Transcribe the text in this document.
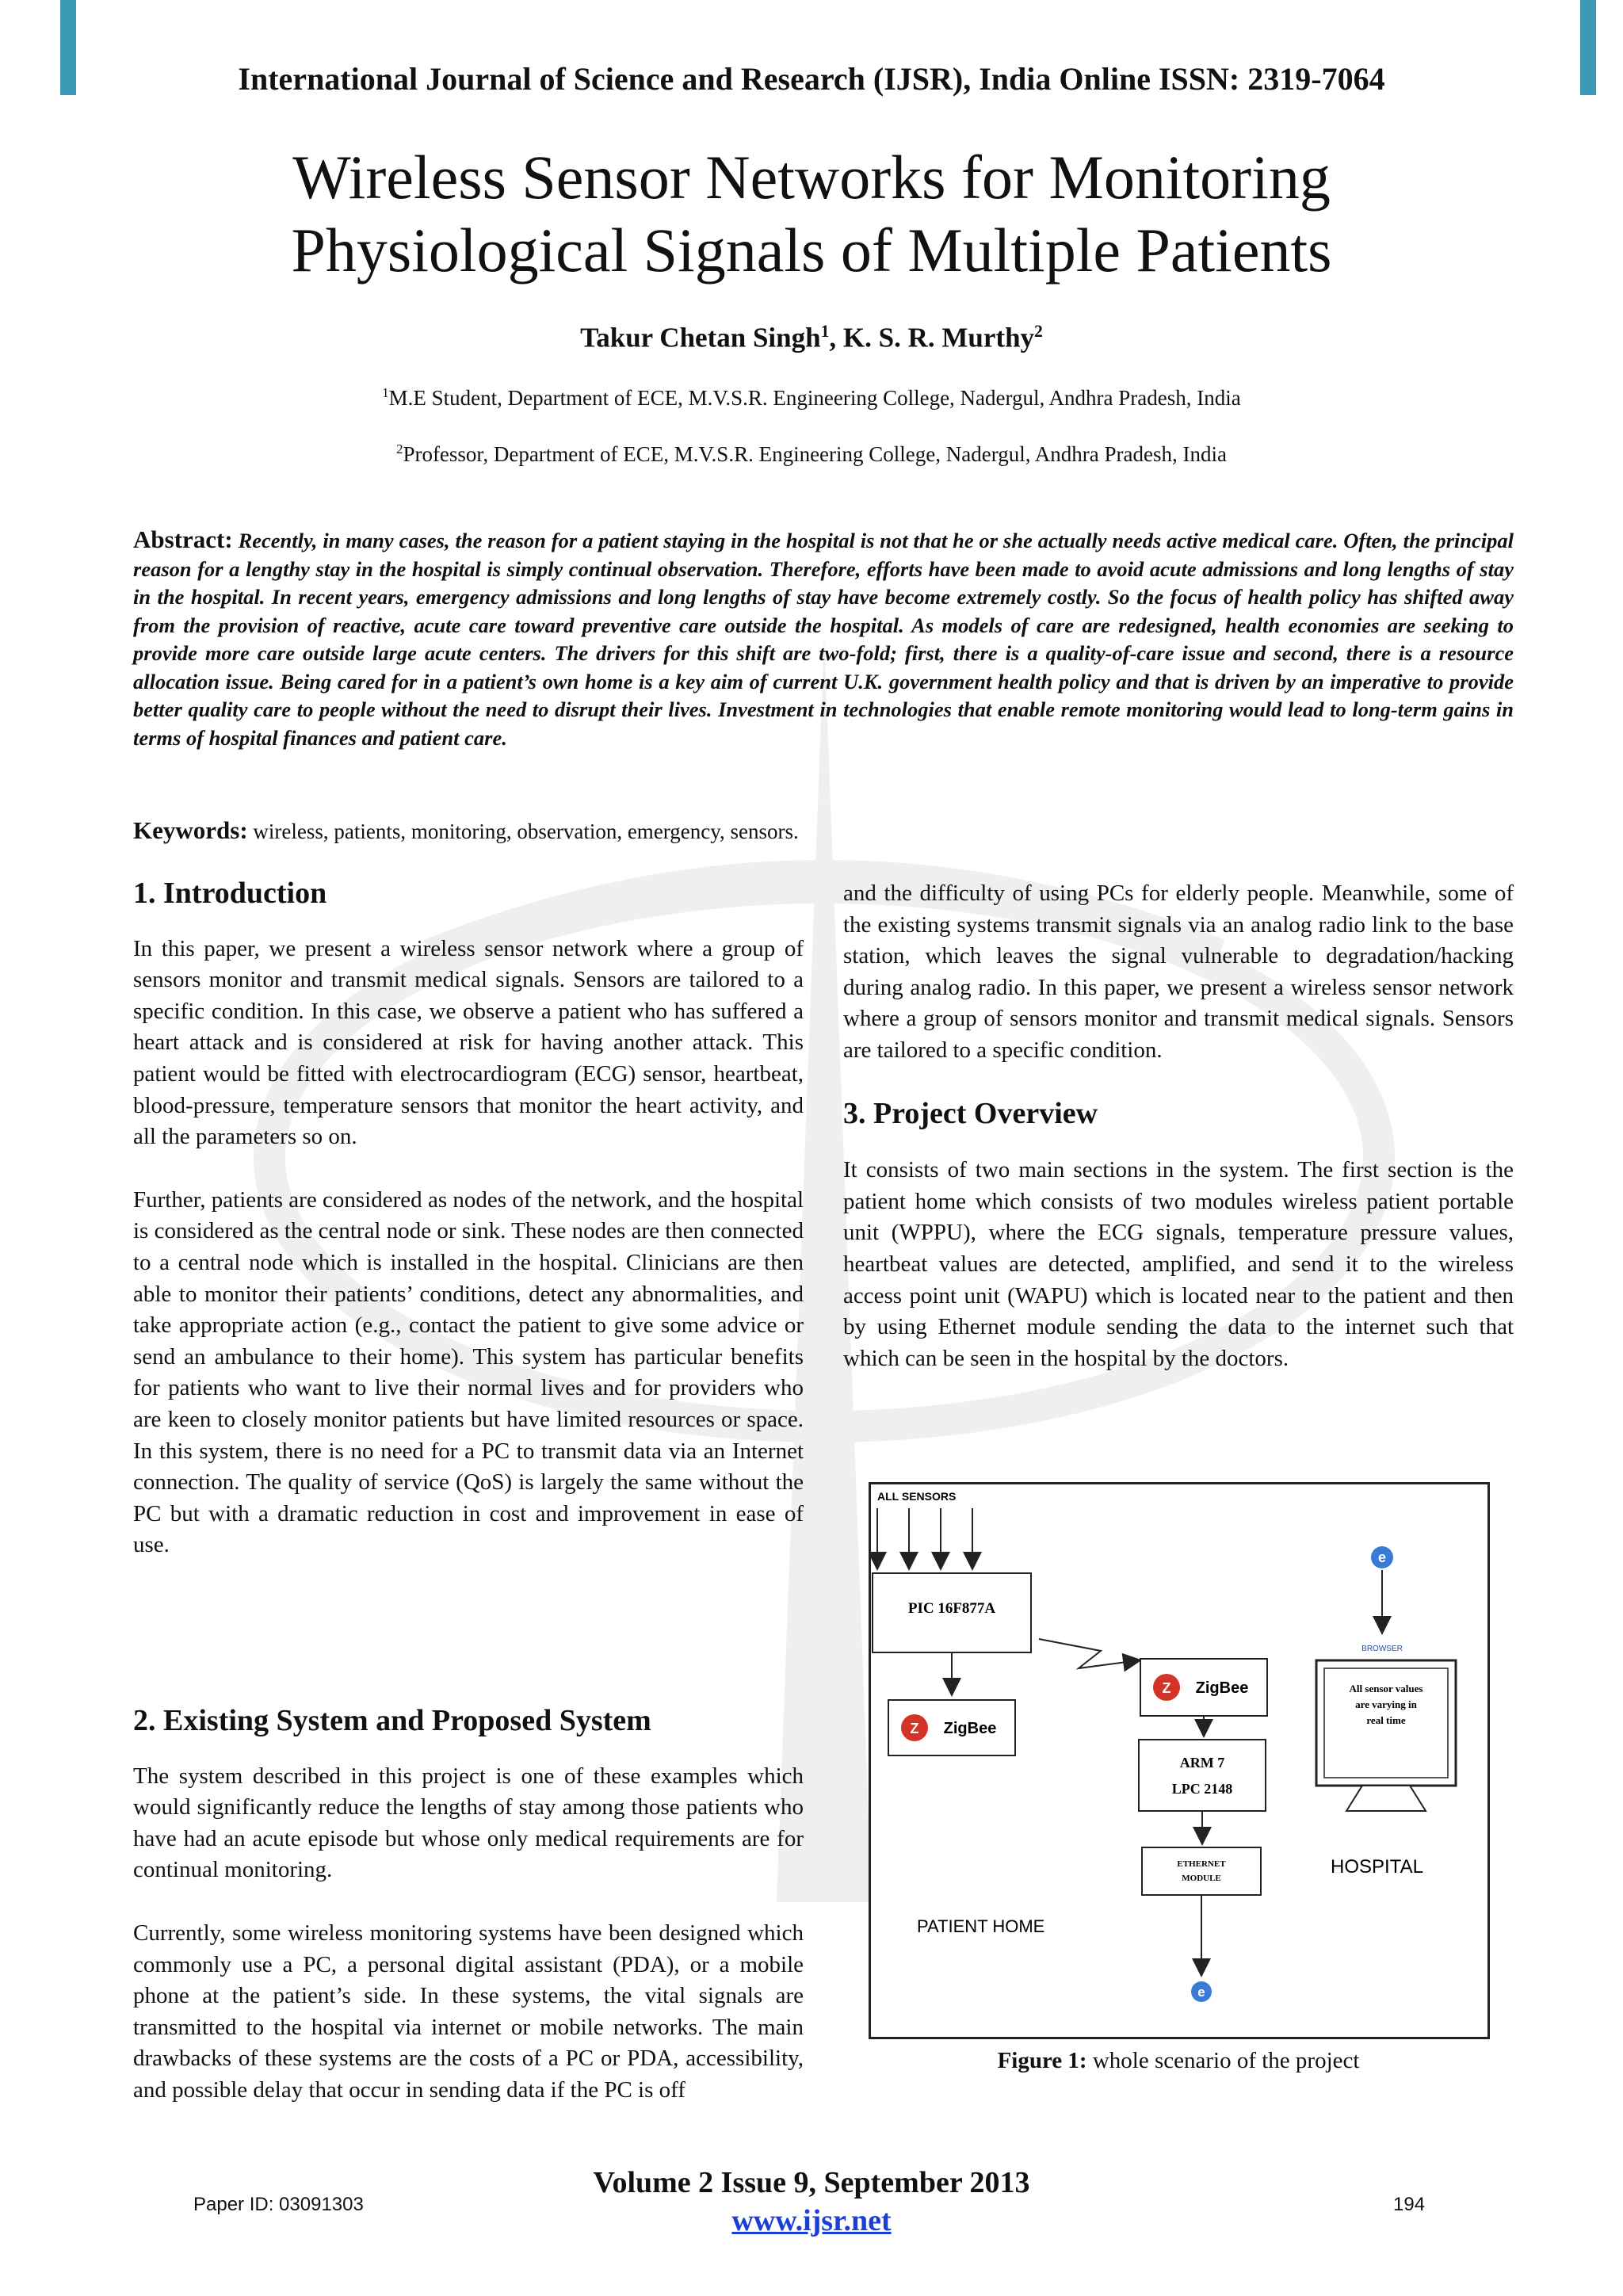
International Journal of Science and Research (IJSR), India Online ISSN: 2319-7064
Wireless Sensor Networks for Monitoring
Physiological Signals of Multiple Patients
Takur Chetan Singh$^1$, K. S. R. Murthy$^2$
$^1$M.E Student, Department of ECE, M.V.S.R. Engineering College, Nadergul, Andhra Pradesh, India
$^2$Professor, Department of ECE, M.V.S.R. Engineering College, Nadergul, Andhra Pradesh, India
Abstract: Recently, in many cases, the reason for a patient staying in the hospital is not that he or she actually needs active medical care. Often, the principal reason for a lengthy stay in the hospital is simply continual observation. Therefore, efforts have been made to avoid acute admissions and long lengths of stay in the hospital. In recent years, emergency admissions and long lengths of stay have become extremely costly. So the focus of health policy has shifted away from the provision of reactive, acute care toward preventive care outside the hospital. As models of care are redesigned, health economies are seeking to provide more care outside large acute centers. The drivers for this shift are two-fold; first, there is a quality-of-care issue and second, there is a resource allocation issue. Being cared for in a patient’s own home is a key aim of current U.K. government health policy and that is driven by an imperative to provide better quality care to people without the need to disrupt their lives. Investment in technologies that enable remote monitoring would lead to long-term gains in terms of hospital finances and patient care.
Keywords: wireless, patients, monitoring, observation, emergency, sensors.
1. Introduction

In this paper, we present a wireless sensor network where a group of sensors monitor and transmit medical signals. Sensors are tailored to a specific condition. In this case, we observe a patient who has suffered a heart attack and is considered at risk for having another attack. This patient would be fitted with electrocardiogram (ECG) sensor, heartbeat, blood-pressure, temperature sensors that monitor the heart activity, and all the parameters so on.

Further, patients are considered as nodes of the network, and the hospital is considered as the central node or sink. These nodes are then connected to a central node which is installed in the hospital. Clinicians are then able to monitor their patients’ conditions, detect any abnormalities, and take appropriate action (e.g., contact the patient to give some advice or send an ambulance to their home). This system has particular benefits for patients who want to live their normal lives and for providers who are keen to closely monitor patients but have limited resources or space. In this system, there is no need for a PC to transmit data via an Internet connection. The quality of service (QoS) is largely the same without the PC but with a dramatic reduction in cost and improvement in ease of use.

2. Existing System and Proposed System

The system described in this project is one of these examples which would significantly reduce the lengths of stay among those patients who have had an acute episode but whose only medical requirements are for continual monitoring.

Currently, some wireless monitoring systems have been designed which commonly use a PC, a personal digital assistant (PDA), or a mobile phone at the patient’s side. In these systems, the vital signals are transmitted to the hospital via internet or mobile networks. The main drawbacks of these systems are the costs of a PC or PDA, accessibility, and possible delay that occur in sending data if the PC is off

and the difficulty of using PCs for elderly people. Meanwhile, some of the existing systems transmit signals via an analog radio link to the base station, which leaves the signal vulnerable to degradation/hacking during analog radio. In this paper, we present a wireless sensor network where a group of sensors monitor and transmit medical signals. Sensors are tailored to a specific condition.

3. Project Overview

It consists of two main sections in the system. The first section is the patient home which consists of two modules wireless patient portable unit (WPPU), where the ECG signals, temperature pressure values, heartbeat values are detected, amplified, and send it to the wireless access point unit (WAPU) which is located near to the patient and then by using Ethernet module sending the data to the internet such that which can be seen in the hospital by the doctors.

ALL SENSORS
PIC 16F877A
Z ZigBee
Z ZigBee
ARM 7
LPC 2148
ETHERNET
MODULE
e
PATIENT HOME
e
BROWSER
All sensor values
are varying in
real time
HOSPITAL
Figure 1: whole scenario of the project
Volume 2 Issue 9, September 2013
www.ijsr.net
Paper ID: 03091303	194
